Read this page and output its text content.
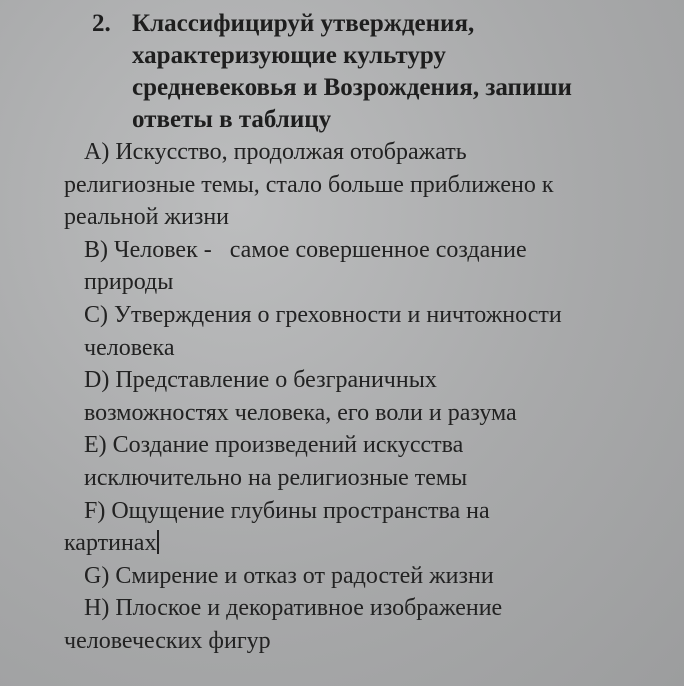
2. Классифицируй утверждения,
характеризующие культуру
средневековья и Возрождения, запиши
ответы в таблицу
A) Искусство, продолжая отображать
религиозные темы, стало больше приближено к
реальной жизни
B) Человек -   самое совершенное создание
природы
C) Утверждения о греховности и ничтожности
человека
D) Представление о безграничных
возможностях человека, его воли и разума
E) Создание произведений искусства
исключительно на религиозные темы
F) Ощущение глубины пространства на
картинах
G) Смирение и отказ от радостей жизни
H) Плоское и декоративное изображение
человеческих фигур
